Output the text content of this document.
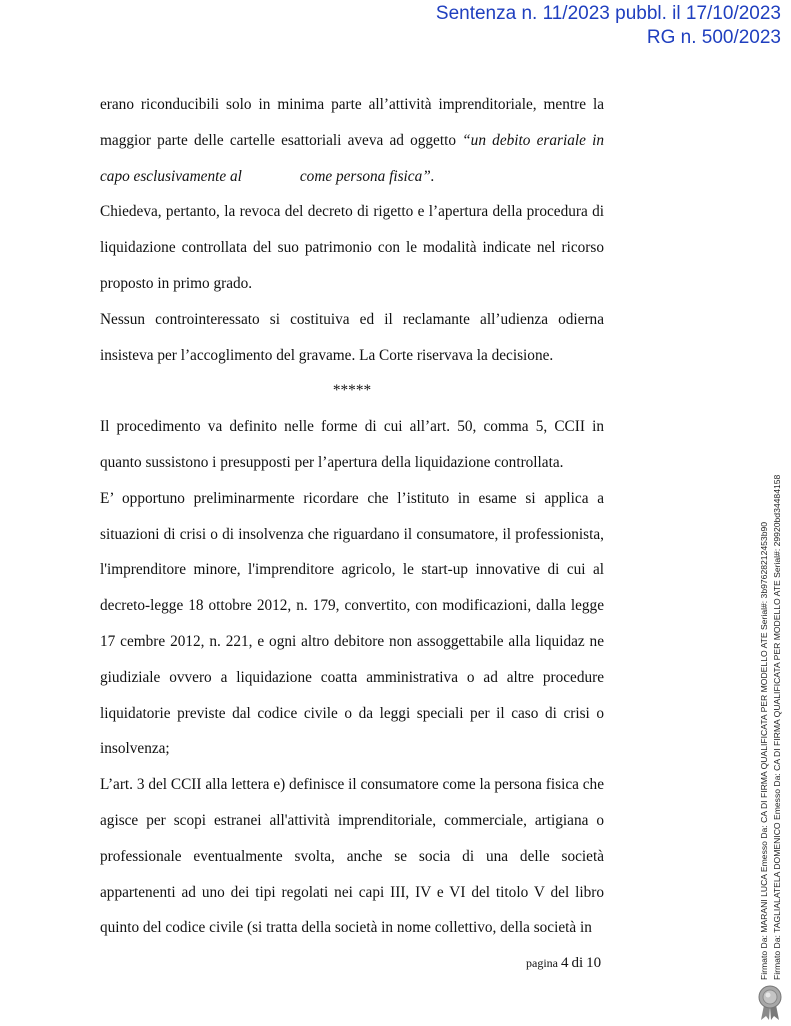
Sentenza n. 11/2023 pubbl. il 17/10/2023
RG n. 500/2023

erano riconducibili solo in minima parte all’attività imprenditoriale, mentre la maggior parte delle cartelle esattoriali aveva ad oggetto “un debito erariale in capo esclusivamente al	come persona fisica”.

Chiedeva, pertanto, la revoca del decreto di rigetto e l’apertura della procedura di liquidazione controllata del suo patrimonio con le modalità indicate nel ricorso proposto in primo grado.

Nessun controinteressato si costituiva ed il reclamante all’udienza odierna insisteva per l’accoglimento del gravame. La Corte riservava la decisione.

*****

Il procedimento va definito nelle forme di cui all’art. 50, comma 5, CCII in quanto sussistono i presupposti per l’apertura della liquidazione controllata.

E’ opportuno preliminarmente ricordare che l’istituto in esame si applica a situazioni di crisi o di insolvenza che riguardano il consumatore, il professionista, l'imprenditore minore, l'imprenditore agricolo, le start-up innovative di cui al decreto-legge 18 ottobre 2012, n. 179, convertito, con modificazioni, dalla legge 17 cembre 2012, n. 221, e ogni altro debitore non assoggettabile alla liquidaz ne giudiziale ovvero a liquidazione coatta amministrativa o ad altre procedure liquidatorie previste dal codice civile o da leggi speciali per il caso di crisi o insolvenza;

L’art. 3 del CCII alla lettera e) definisce il consumatore come la persona fisica che agisce per scopi estranei all'attività imprenditoriale, commerciale, artigiana o professionale eventualmente svolta, anche se socia di una delle società appartenenti ad uno dei tipi regolati nei capi III, IV e VI del titolo V del libro quinto del codice civile (si tratta della società in nome collettivo, della società in

pagina 4 di 10	Firmato Da: MARANI LUCA Emesso Da: CA DI FIRMA QUALIFICATA PER MODELLO ATE Serial#: 3b97628212453b90 Firmato Da: TAGLIALATELA DOMENICO Emesso Da: CA DI FIRMA QUALIFICATA PER MODELLO ATE Serial#: 29920bd34484158
